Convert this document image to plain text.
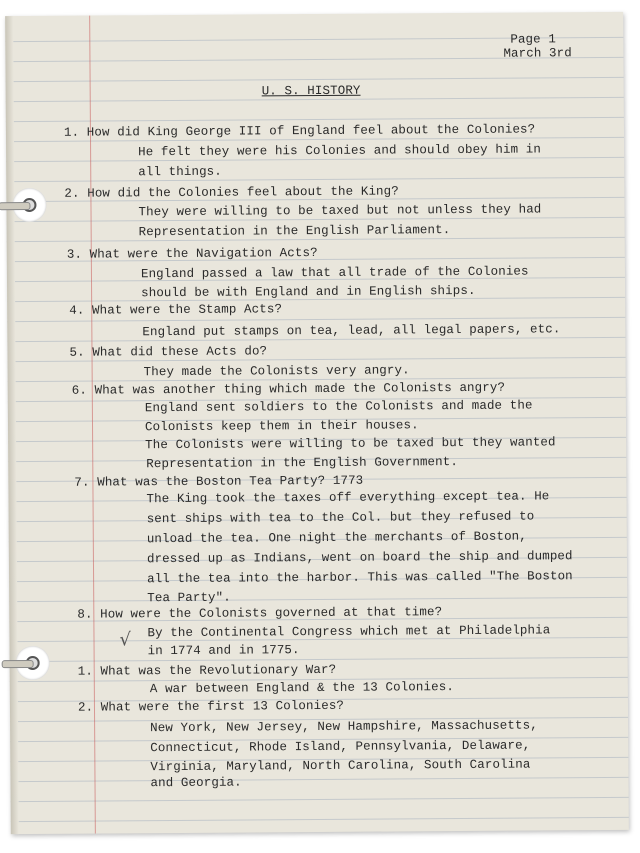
Page 1
March 3rd
U. S. HISTORY
1. How did King George III of England feel about the Colonies?
He felt they were his Colonies and should obey him in
all things.
2. How did the Colonies feel about the King?
They were willing to be taxed but not unless they had
Representation in the English Parliament.
3. What were the Navigation Acts?
England passed a law that all trade of the Colonies
should be with England and in English ships.
4. What were the Stamp Acts?
England put stamps on tea, lead, all legal papers, etc.
5. What did these Acts do?
They made the Colonists very angry.
6. What was another thing which made the Colonists angry?
England sent soldiers to the Colonists and made the
Colonists keep them in their houses.
The Colonists were willing to be taxed but they wanted
Representation in the English Government.
7. What was the Boston Tea Party? 1773
The King took the taxes off everything except tea. He
sent ships with tea to the Col. but they refused to
unload the tea. One night the merchants of Boston,
dressed up as Indians, went on board the ship and dumped
all the tea into the harbor. This was called "The Boston
Tea Party".
8. How were the Colonists governed at that time?
By the Continental Congress which met at Philadelphia
in 1774 and in 1775.
1. What was the Revolutionary War?
A war between England & the 13 Colonies.
2. What were the first 13 Colonies?
New York, New Jersey, New Hampshire, Massachusetts,
Connecticut, Rhode Island, Pennsylvania, Delaware,
Virginia, Maryland, North Carolina, South Carolina
and Georgia.
√
